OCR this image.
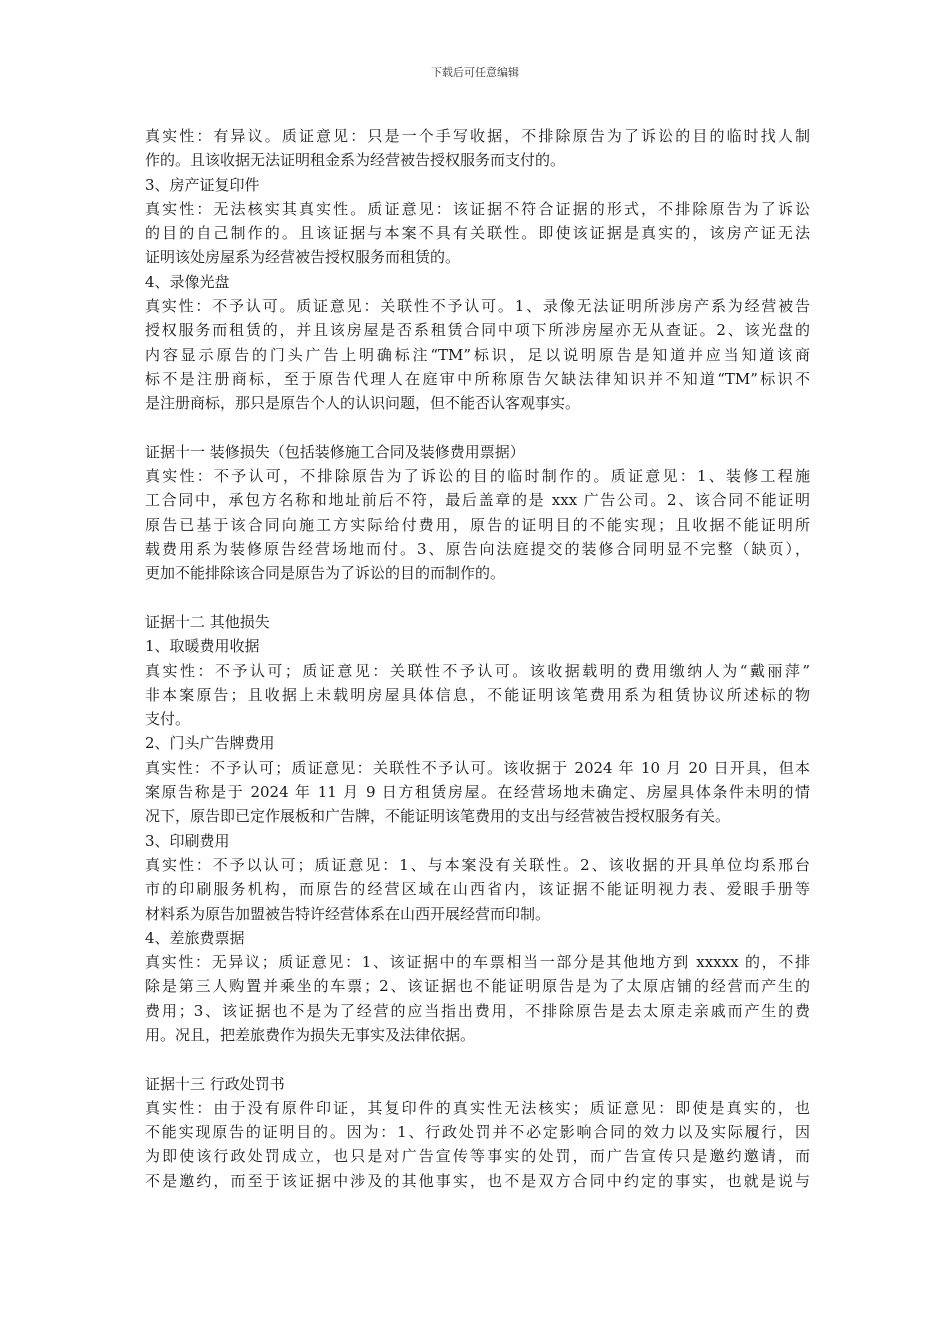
下载后可任意编辑
真实性：有异议。质证意见：只是一个手写收据，不排除原告为了诉讼的目的临时找人制
作的。且该收据无法证明租金系为经营被告授权服务而支付的。
3、房产证复印件
真实性：无法核实其真实性。质证意见：该证据不符合证据的形式，不排除原告为了诉讼
的目的自己制作的。且该证据与本案不具有关联性。即使该证据是真实的，该房产证无法
证明该处房屋系为经营被告授权服务而租赁的。
4、录像光盘
真实性：不予认可。质证意见：关联性不予认可。1、录像无法证明所涉房产系为经营被告
授权服务而租赁的，并且该房屋是否系租赁合同中项下所涉房屋亦无从查证。2、该光盘的
内容显示原告的门头广告上明确标注“TM”标识，足以说明原告是知道并应当知道该商
标不是注册商标，至于原告代理人在庭审中所称原告欠缺法律知识并不知道“TM”标识不
是注册商标，那只是原告个人的认识问题，但不能否认客观事实。
证据十一 装修损失（包括装修施工合同及装修费用票据）
真实性：不予认可，不排除原告为了诉讼的目的临时制作的。质证意见：1、装修工程施
工合同中，承包方名称和地址前后不符，最后盖章的是 xxx 广告公司。2、该合同不能证明
原告已基于该合同向施工方实际给付费用，原告的证明目的不能实现；且收据不能证明所
载费用系为装修原告经营场地而付。3、原告向法庭提交的装修合同明显不完整（缺页），
更加不能排除该合同是原告为了诉讼的目的而制作的。
证据十二 其他损失
1、取暖费用收据
真实性：不予认可；质证意见：关联性不予认可。该收据载明的费用缴纳人为“戴丽萍”
非本案原告；且收据上未载明房屋具体信息，不能证明该笔费用系为租赁协议所述标的物
支付。
2、门头广告牌费用
真实性：不予认可；质证意见：关联性不予认可。该收据于 2024 年 10 月 20 日开具，但本
案原告称是于 2024 年 11 月 9 日方租赁房屋。在经营场地未确定、房屋具体条件未明的情
况下，原告即已定作展板和广告牌，不能证明该笔费用的支出与经营被告授权服务有关。
3、印刷费用
真实性：不予以认可；质证意见：1、与本案没有关联性。2、该收据的开具单位均系邢台
市的印刷服务机构，而原告的经营区域在山西省内，该证据不能证明视力表、爱眼手册等
材料系为原告加盟被告特许经营体系在山西开展经营而印制。
4、差旅费票据
真实性：无异议；质证意见：1、该证据中的车票相当一部分是其他地方到 xxxxx 的，不排
除是第三人购置并乘坐的车票；2、该证据也不能证明原告是为了太原店铺的经营而产生的
费用；3、该证据也不是为了经营的应当指出费用，不排除原告是去太原走亲戚而产生的费
用。况且，把差旅费作为损失无事实及法律依据。
证据十三 行政处罚书
真实性：由于没有原件印证，其复印件的真实性无法核实；质证意见：即使是真实的，也
不能实现原告的证明目的。因为：1、行政处罚并不必定影响合同的效力以及实际履行，因
为即使该行政处罚成立，也只是对广告宣传等事实的处罚，而广告宣传只是邀约邀请，而
不是邀约，而至于该证据中涉及的其他事实，也不是双方合同中约定的事实，也就是说与
